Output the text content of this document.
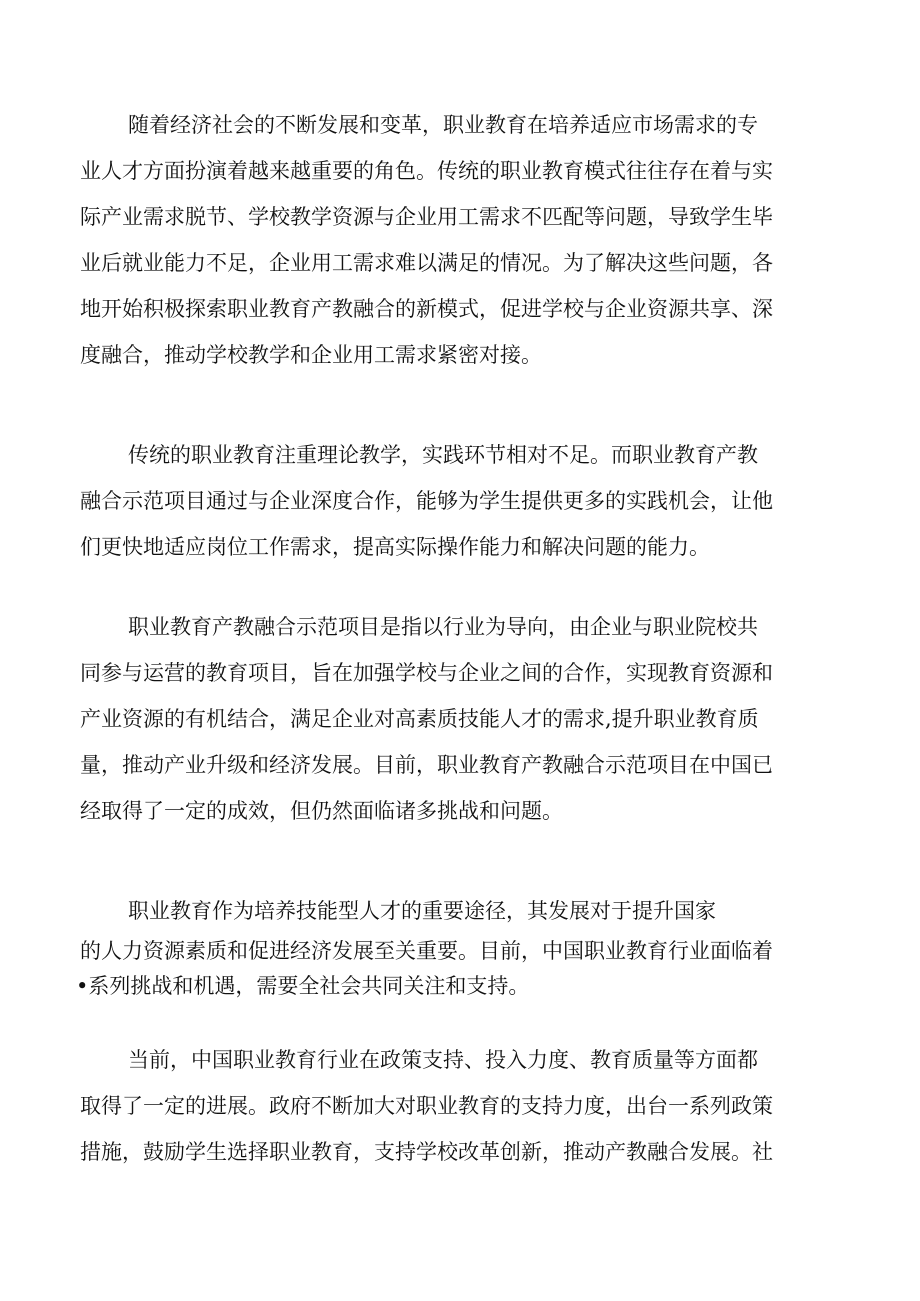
随着经济社会的不断发展和变革，职业教育在培养适应市场需求的专
业人才方面扮演着越来越重要的角色。传统的职业教育模式往往存在着与实
际产业需求脱节、学校教学资源与企业用工需求不匹配等问题，导致学生毕
业后就业能力不足，企业用工需求难以满足的情况。为了解决这些问题，各
地开始积极探索职业教育产教融合的新模式，促进学校与企业资源共享、深
度融合，推动学校教学和企业用工需求紧密对接。
传统的职业教育注重理论教学，实践环节相对不足。而职业教育产教
融合示范项目通过与企业深度合作，能够为学生提供更多的实践机会，让他
们更快地适应岗位工作需求，提高实际操作能力和解决问题的能力。
职业教育产教融合示范项目是指以行业为导向，由企业与职业院校共
同参与运营的教育项目，旨在加强学校与企业之间的合作，实现教育资源和
产业资源的有机结合，满足企业对高素质技能人才的需求,提升职业教育质
量，推动产业升级和经济发展。目前，职业教育产教融合示范项目在中国已
经取得了一定的成效，但仍然面临诸多挑战和问题。
职业教育作为培养技能型人才的重要途径，其发展对于提升国家
的人力资源素质和促进经济发展至关重要。目前，中国职业教育行业面临着
•系列挑战和机遇，需要全社会共同关注和支持。
当前，中国职业教育行业在政策支持、投入力度、教育质量等方面都
取得了一定的进展。政府不断加大对职业教育的支持力度，出台一系列政策
措施，鼓励学生选择职业教育，支持学校改革创新，推动产教融合发展。社
